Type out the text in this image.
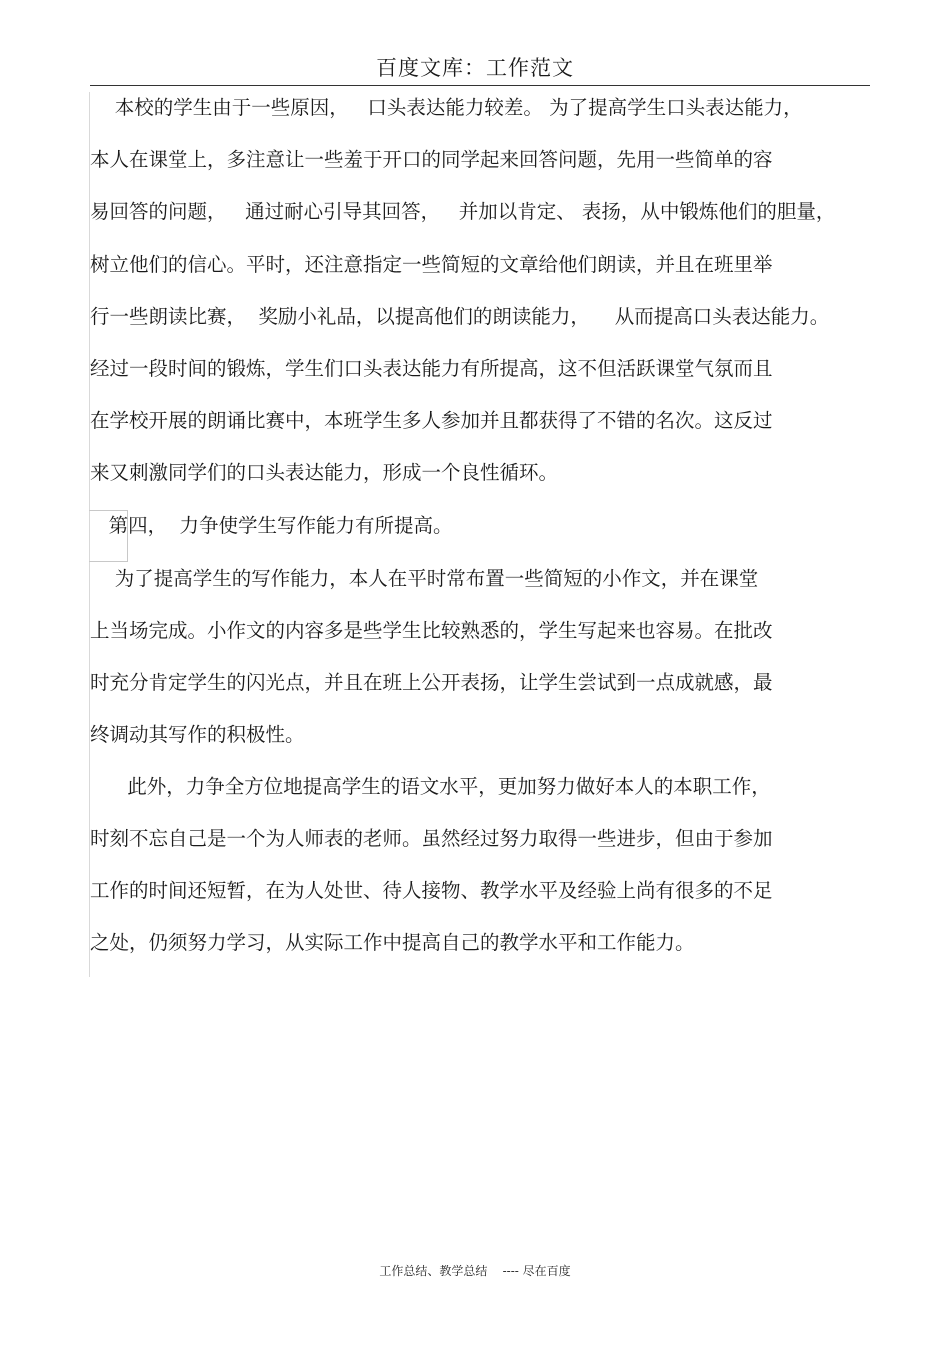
百度文库：工作范文
本校的学生由于一些原因，   口头表达能力较差。 为了提高学生口头表达能力，
本人在课堂上，多注意让一些羞于开口的同学起来回答问题，先用一些简单的容
易回答的问题，   通过耐心引导其回答，   并加以肯定、 表扬，从中锻炼他们的胆量，
树立他们的信心。平时，还注意指定一些简短的文章给他们朗读，并且在班里举
行一些朗读比赛，  奖励小礼品，以提高他们的朗读能力，    从而提高口头表达能力。
经过一段时间的锻炼，学生们口头表达能力有所提高，这不但活跃课堂气氛而且
在学校开展的朗诵比赛中，本班学生多人参加并且都获得了不错的名次。这反过
来又刺激同学们的口头表达能力，形成一个良性循环。
第四，  力争使学生写作能力有所提高。
为了提高学生的写作能力，本人在平时常布置一些简短的小作文，并在课堂
上当场完成。小作文的内容多是些学生比较熟悉的，学生写起来也容易。在批改
时充分肯定学生的闪光点，并且在班上公开表扬，让学生尝试到一点成就感，最
终调动其写作的积极性。
此外，力争全方位地提高学生的语文水平，更加努力做好本人的本职工作，
时刻不忘自己是一个为人师表的老师。虽然经过努力取得一些进步，但由于参加
工作的时间还短暂，在为人处世、待人接物、教学水平及经验上尚有很多的不足
之处，仍须努力学习，从实际工作中提高自己的教学水平和工作能力。
工作总结、教学总结    ---- 尽在百度
